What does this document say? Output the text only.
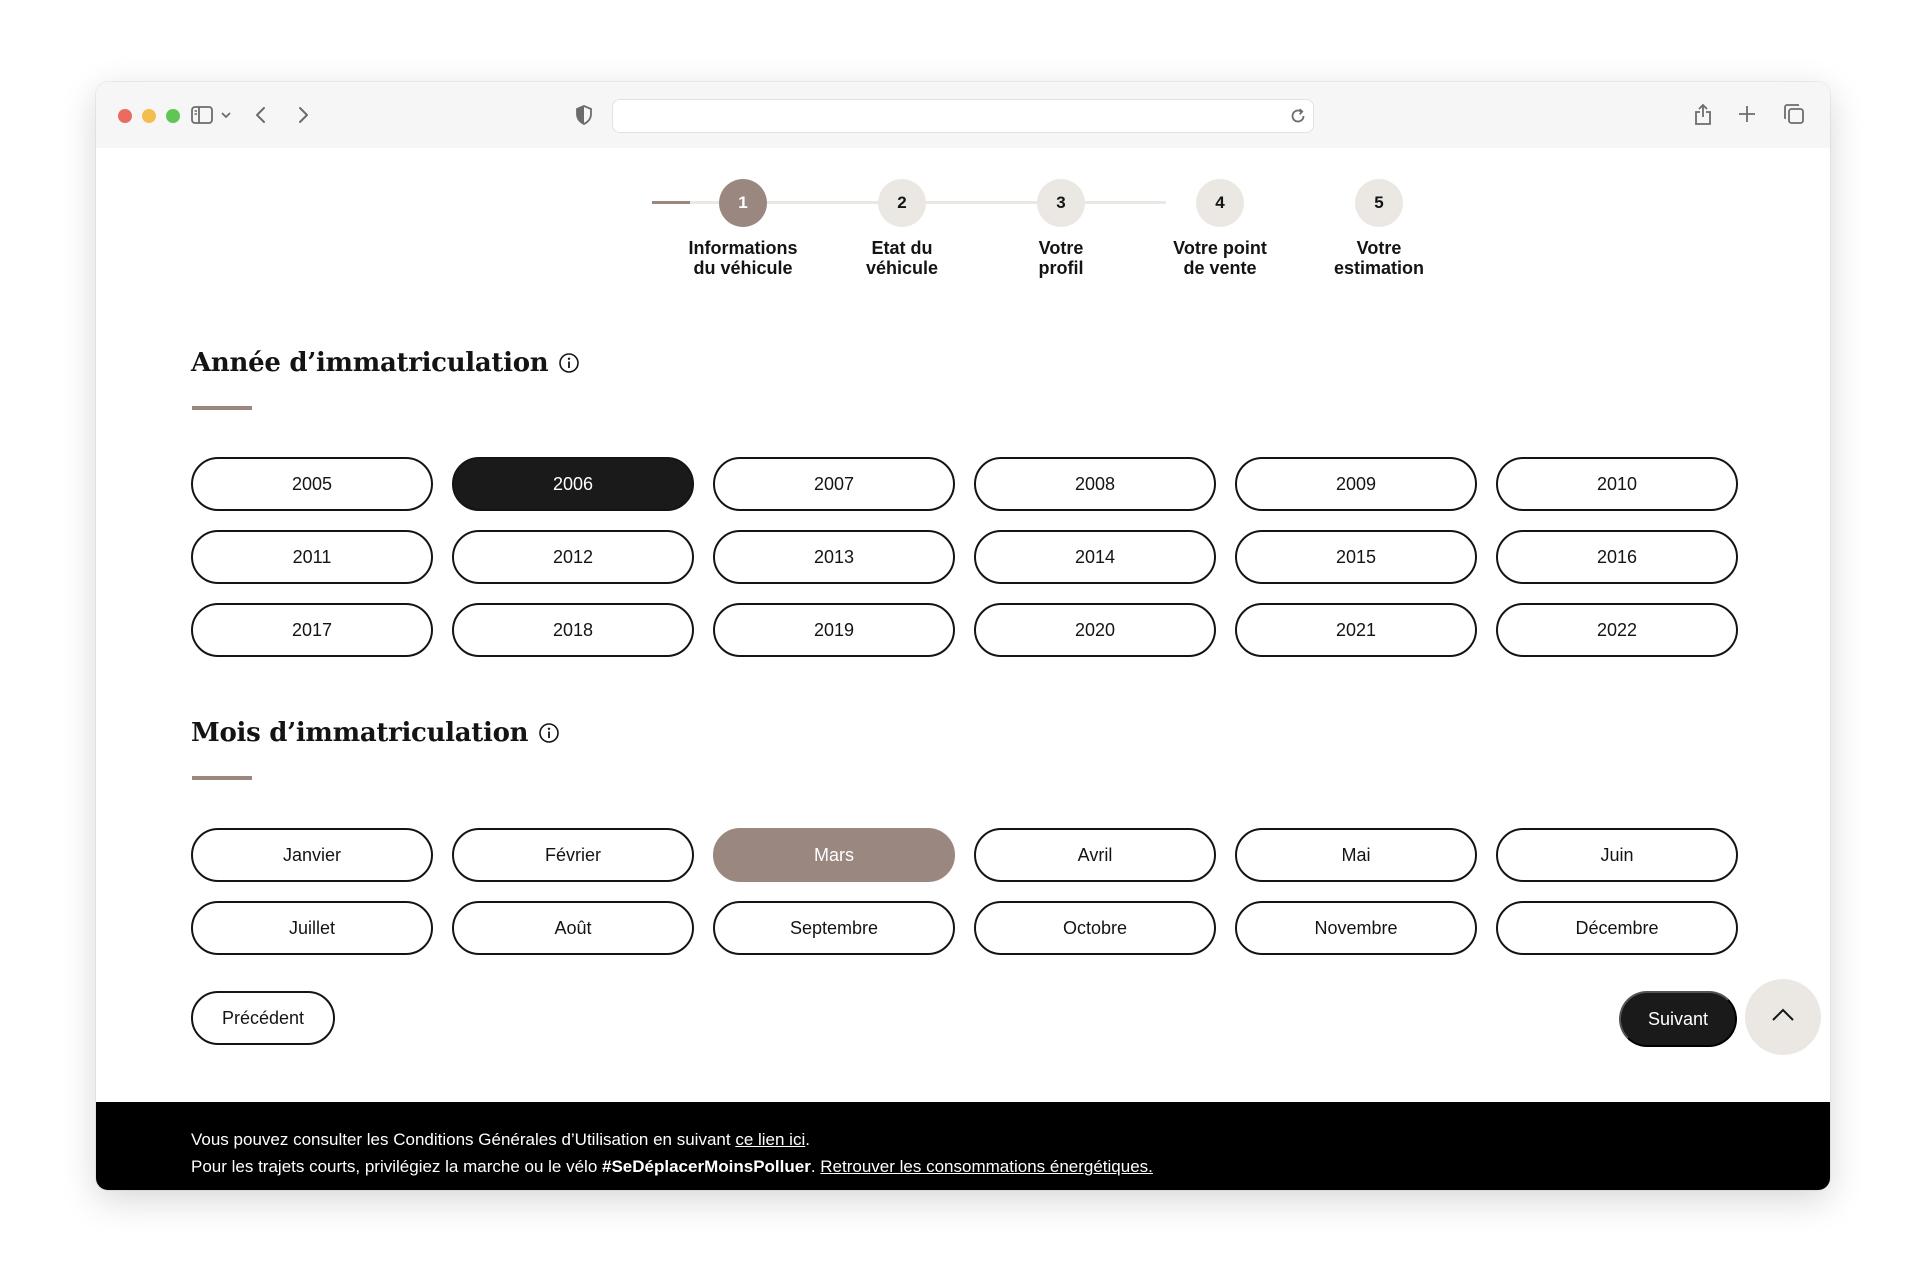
1	2	3	4	5
Informations
du véhicule
Etat du
véhicule
Votre
profil
Votre point
de vente
Votre
estimation
Année d’immatriculation
2005	2006	2007	2008	2009	2010
2011	2012	2013	2014	2015	2016
2017	2018	2019	2020	2021	2022
Mois d’immatriculation
Janvier	Février	Mars	Avril	Mai	Juin
Juillet	Août	Septembre	Octobre	Novembre	Décembre
Précédent	Suivant
Vous pouvez consulter les Conditions Générales d’Utilisation en suivant ce lien ici.
Pour les trajets courts, privilégiez la marche ou le vélo #SeDéplacerMoinsPolluer. Retrouver les consommations énergétiques.
